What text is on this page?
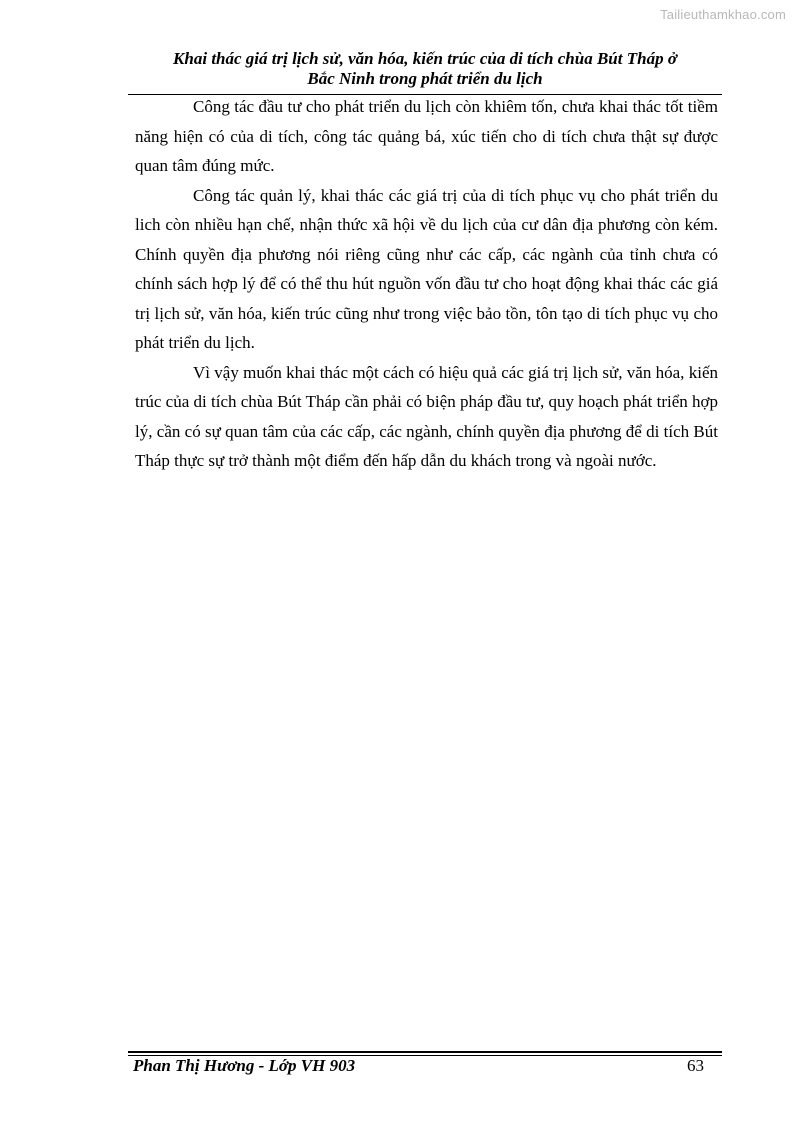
Tailieuthamkhao.com
Khai thác giá trị lịch sử, văn hóa, kiến trúc của di tích chùa Bút Tháp ở
Bắc Ninh trong phát triển du lịch

Công tác đầu tư cho phát triển du lịch còn khiêm tốn, chưa khai thác tốt tiềm năng hiện có của di tích, công tác quảng bá, xúc tiến cho di tích chưa thật sự được quan tâm đúng mức.

Công tác quản lý, khai thác các giá trị của di tích phục vụ cho phát triển du lich còn nhiều hạn chế, nhận thức xã hội về du lịch của cư dân địa phương còn kém. Chính quyền địa phương nói riêng cũng như các cấp, các ngành của tỉnh chưa có chính sách hợp lý để có thể thu hút nguồn vốn đầu tư cho hoạt động khai thác các giá trị lịch sử, văn hóa, kiến trúc cũng như trong việc bảo tồn, tôn tạo di tích phục vụ cho phát triển du lịch.

Vì vậy muốn khai thác một cách có hiệu quả các giá trị lịch sử, văn hóa, kiến trúc của di tích chùa Bút Tháp cần phải có biện pháp đầu tư, quy hoạch phát triển hợp lý, cần có sự quan tâm của các cấp, các ngành, chính quyền địa phương để di tích Bút Tháp thực sự trở thành một điểm đến hấp dẫn du khách trong và ngoài nước.

Phan Thị Hương - Lớp VH 903	63
